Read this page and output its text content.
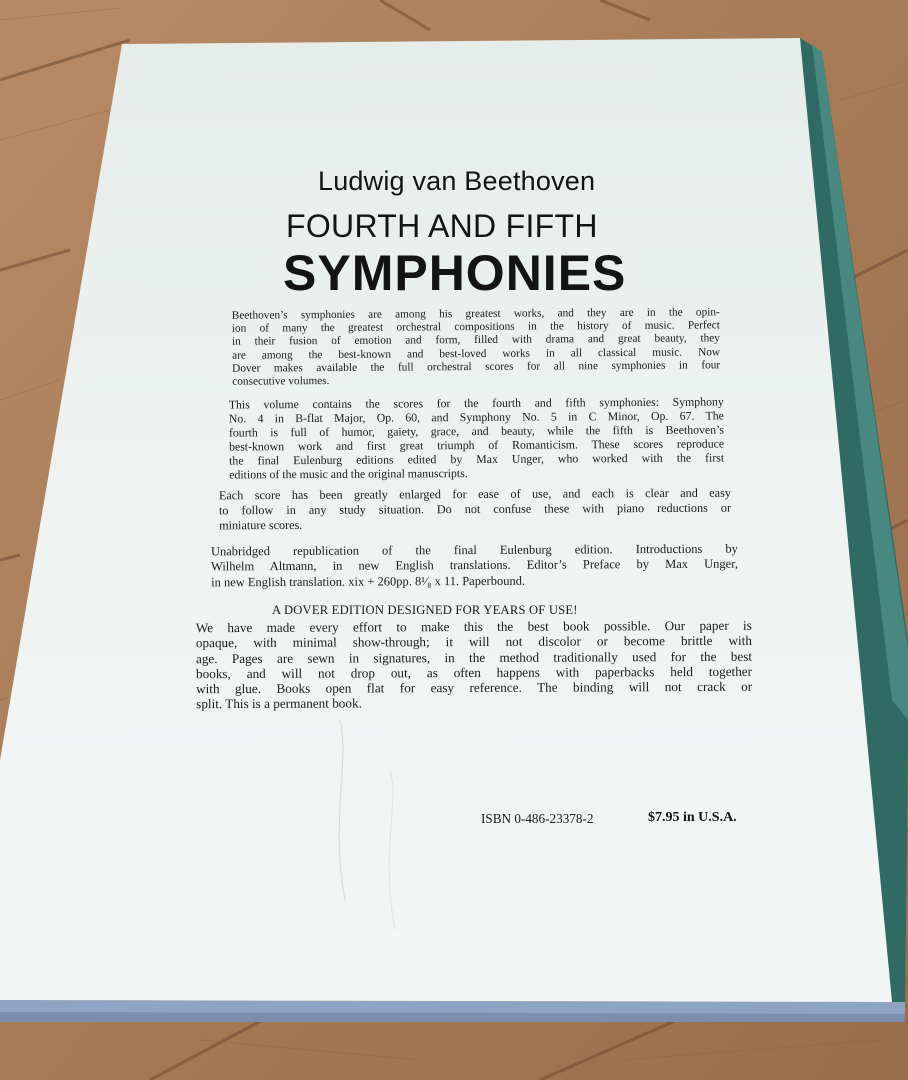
Ludwig van Beethoven
FOURTH AND FIFTH
SYMPHONIES
Beethoven’s symphonies are among his greatest works, and they are in the opin-
ion of many the greatest orchestral compositions in the history of music. Perfect
in their fusion of emotion and form, filled with drama and great beauty, they
are among the best-known and best-loved works in all classical music. Now
Dover makes available the full orchestral scores for all nine symphonies in four
consecutive volumes.
This volume contains the scores for the fourth and fifth symphonies: Symphony
No. 4 in B-flat Major, Op. 60, and Symphony No. 5 in C Minor, Op. 67. The
fourth is full of humor, gaiety, grace, and beauty, while the fifth is Beethoven’s
best-known work and first great triumph of Romanticism. These scores reproduce
the final Eulenburg editions edited by Max Unger, who worked with the first
editions of the music and the original manuscripts.
Each score has been greatly enlarged for ease of use, and each is clear and easy
to follow in any study situation. Do not confuse these with piano reductions or
miniature scores.
Unabridged republication of the final Eulenburg edition. Introductions by
Wilhelm Altmann, in new English translations. Editor’s Preface by Max Unger,
in new English translation. xix + 260pp. 8¹⁄₈ x 11. Paperbound.
A DOVER EDITION DESIGNED FOR YEARS OF USE!
We have made every effort to make this the best book possible. Our paper is
opaque, with minimal show-through; it will not discolor or become brittle with
age. Pages are sewn in signatures, in the method traditionally used for the best
books, and will not drop out, as often happens with paperbacks held together
with glue. Books open flat for easy reference. The binding will not crack or
split. This is a permanent book.
ISBN 0-486-23378-2	$7.95 in U.S.A.
